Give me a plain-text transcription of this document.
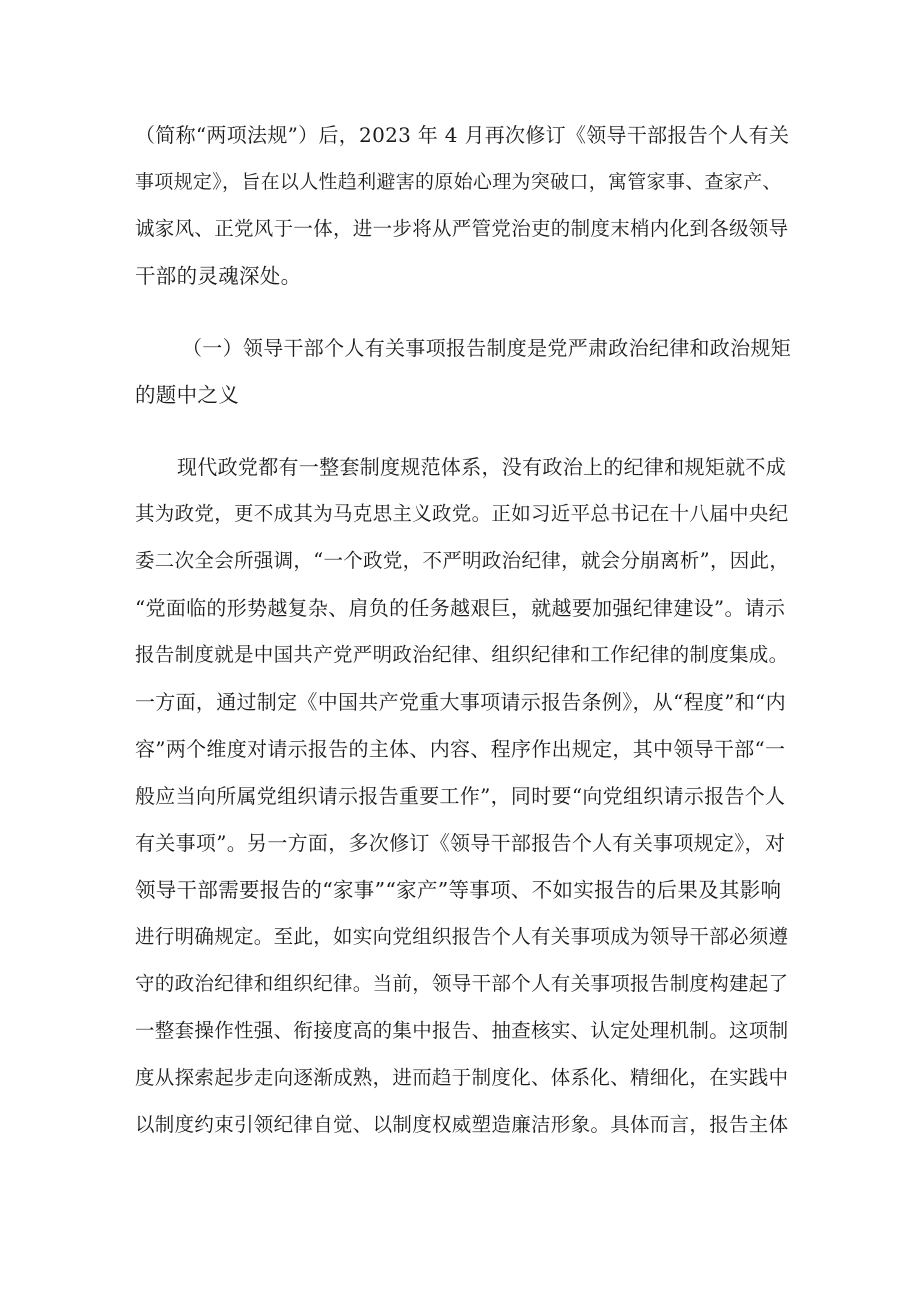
（简称“两项法规”）后，2023 年 4 月再次修订《领导干部报告个人有关
事项规定》，旨在以人性趋利避害的原始心理为突破口，寓管家事、查家产、
诚家风、正党风于一体，进一步将从严管党治吏的制度末梢内化到各级领导
干部的灵魂深处。
（一）领导干部个人有关事项报告制度是党严肃政治纪律和政治规矩
的题中之义
现代政党都有一整套制度规范体系，没有政治上的纪律和规矩就不成
其为政党，更不成其为马克思主义政党。正如习近平总书记在十八届中央纪
委二次全会所强调，“一个政党，不严明政治纪律，就会分崩离析”，因此，
“党面临的形势越复杂、肩负的任务越艰巨，就越要加强纪律建设”。请示
报告制度就是中国共产党严明政治纪律、组织纪律和工作纪律的制度集成。
一方面，通过制定《中国共产党重大事项请示报告条例》，从“程度”和“内
容”两个维度对请示报告的主体、内容、程序作出规定，其中领导干部“一
般应当向所属党组织请示报告重要工作”，同时要“向党组织请示报告个人
有关事项”。另一方面，多次修订《领导干部报告个人有关事项规定》，对
领导干部需要报告的“家事”“家产”等事项、不如实报告的后果及其影响
进行明确规定。至此，如实向党组织报告个人有关事项成为领导干部必须遵
守的政治纪律和组织纪律。当前，领导干部个人有关事项报告制度构建起了
一整套操作性强、衔接度高的集中报告、抽查核实、认定处理机制。这项制
度从探索起步走向逐渐成熟，进而趋于制度化、体系化、精细化，在实践中
以制度约束引领纪律自觉、以制度权威塑造廉洁形象。具体而言，报告主体
